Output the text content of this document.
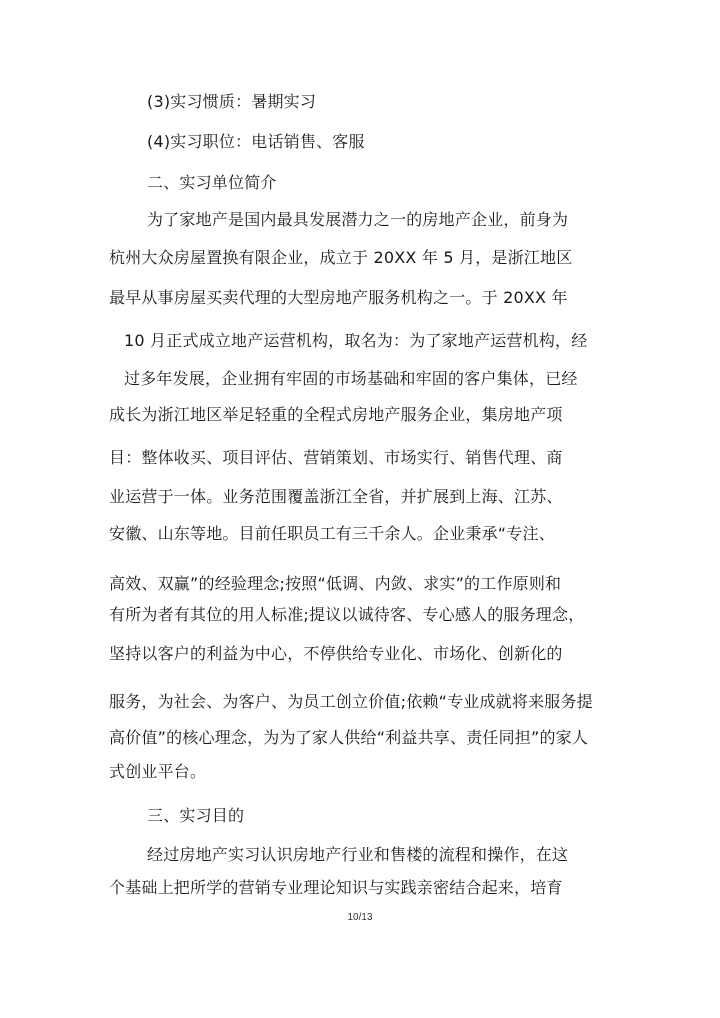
(3)实习惯质：暑期实习
(4)实习职位：电话销售、客服
二、实习单位简介
为了家地产是国内最具发展潜力之一的房地产企业，前身为
杭州大众房屋置换有限企业，成立于 20XX 年 5 月，是浙江地区
最早从事房屋买卖代理的大型房地产服务机构之一。于 20XX 年
10 月正式成立地产运营机构，取名为：为了家地产运营机构，经
过多年发展，企业拥有牢固的市场基础和牢固的客户集体，已经
成长为浙江地区举足轻重的全程式房地产服务企业，集房地产项
目：整体收买、项目评估、营销策划、市场实行、销售代理、商
业运营于一体。业务范围覆盖浙江全省，并扩展到上海、江苏、
安徽、山东等地。目前任职员工有三千余人。企业秉承“专注、
高效、双赢”的经验理念;按照“低调、内敛、求实”的工作原则和
有所为者有其位的用人标准;提议以诚待客、专心感人的服务理念，
坚持以客户的利益为中心，不停供给专业化、市场化、创新化的
服务，为社会、为客户、为员工创立价值;依赖“专业成就将来服务提
高价值”的核心理念，为为了家人供给“利益共享、责任同担”的家人
式创业平台。
三、实习目的
经过房地产实习认识房地产行业和售楼的流程和操作，在这
个基础上把所学的营销专业理论知识与实践亲密结合起来，培育
10/13
